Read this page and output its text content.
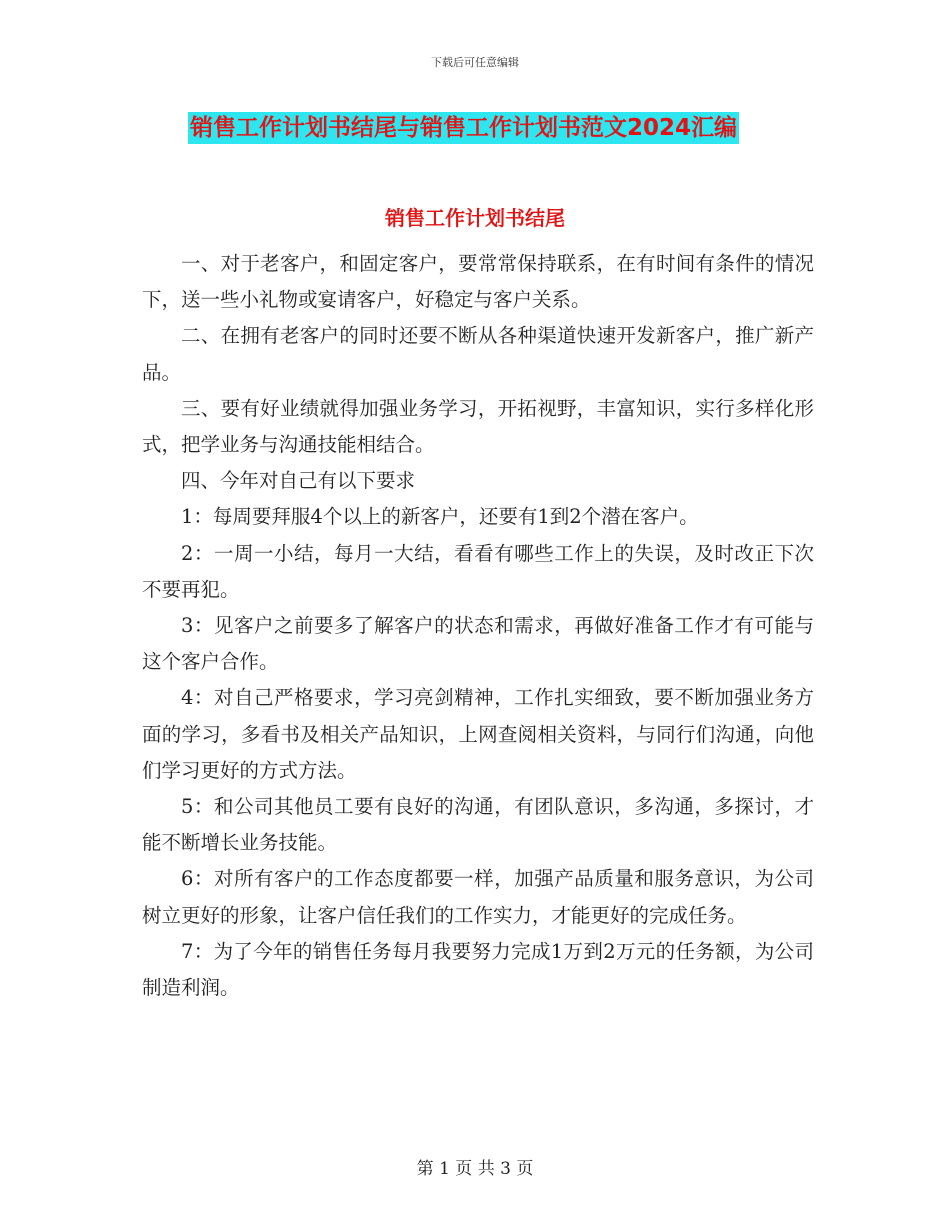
下载后可任意编辑
销售工作计划书结尾与销售工作计划书范文2024汇编
销售工作计划书结尾

一、对于老客户，和固定客户，要常常保持联系，在有时间有条件的情况下，送一些小礼物或宴请客户，好稳定与客户关系。

二、在拥有老客户的同时还要不断从各种渠道快速开发新客户，推广新产品。

三、要有好业绩就得加强业务学习，开拓视野，丰富知识，实行多样化形式，把学业务与沟通技能相结合。

四、今年对自己有以下要求

1：每周要拜服4个以上的新客户，还要有1到2个潜在客户。

2：一周一小结，每月一大结，看看有哪些工作上的失误，及时改正下次不要再犯。

3：见客户之前要多了解客户的状态和需求，再做好准备工作才有可能与这个客户合作。

4：对自己严格要求，学习亮剑精神，工作扎实细致，要不断加强业务方面的学习，多看书及相关产品知识，上网查阅相关资料，与同行们沟通，向他们学习更好的方式方法。

5：和公司其他员工要有良好的沟通，有团队意识，多沟通，多探讨，才能不断增长业务技能。

6：对所有客户的工作态度都要一样，加强产品质量和服务意识，为公司树立更好的形象，让客户信任我们的工作实力，才能更好的完成任务。

7：为了今年的销售任务每月我要努力完成1万到2万元的任务额，为公司制造利润。

第 1 页 共 3 页
